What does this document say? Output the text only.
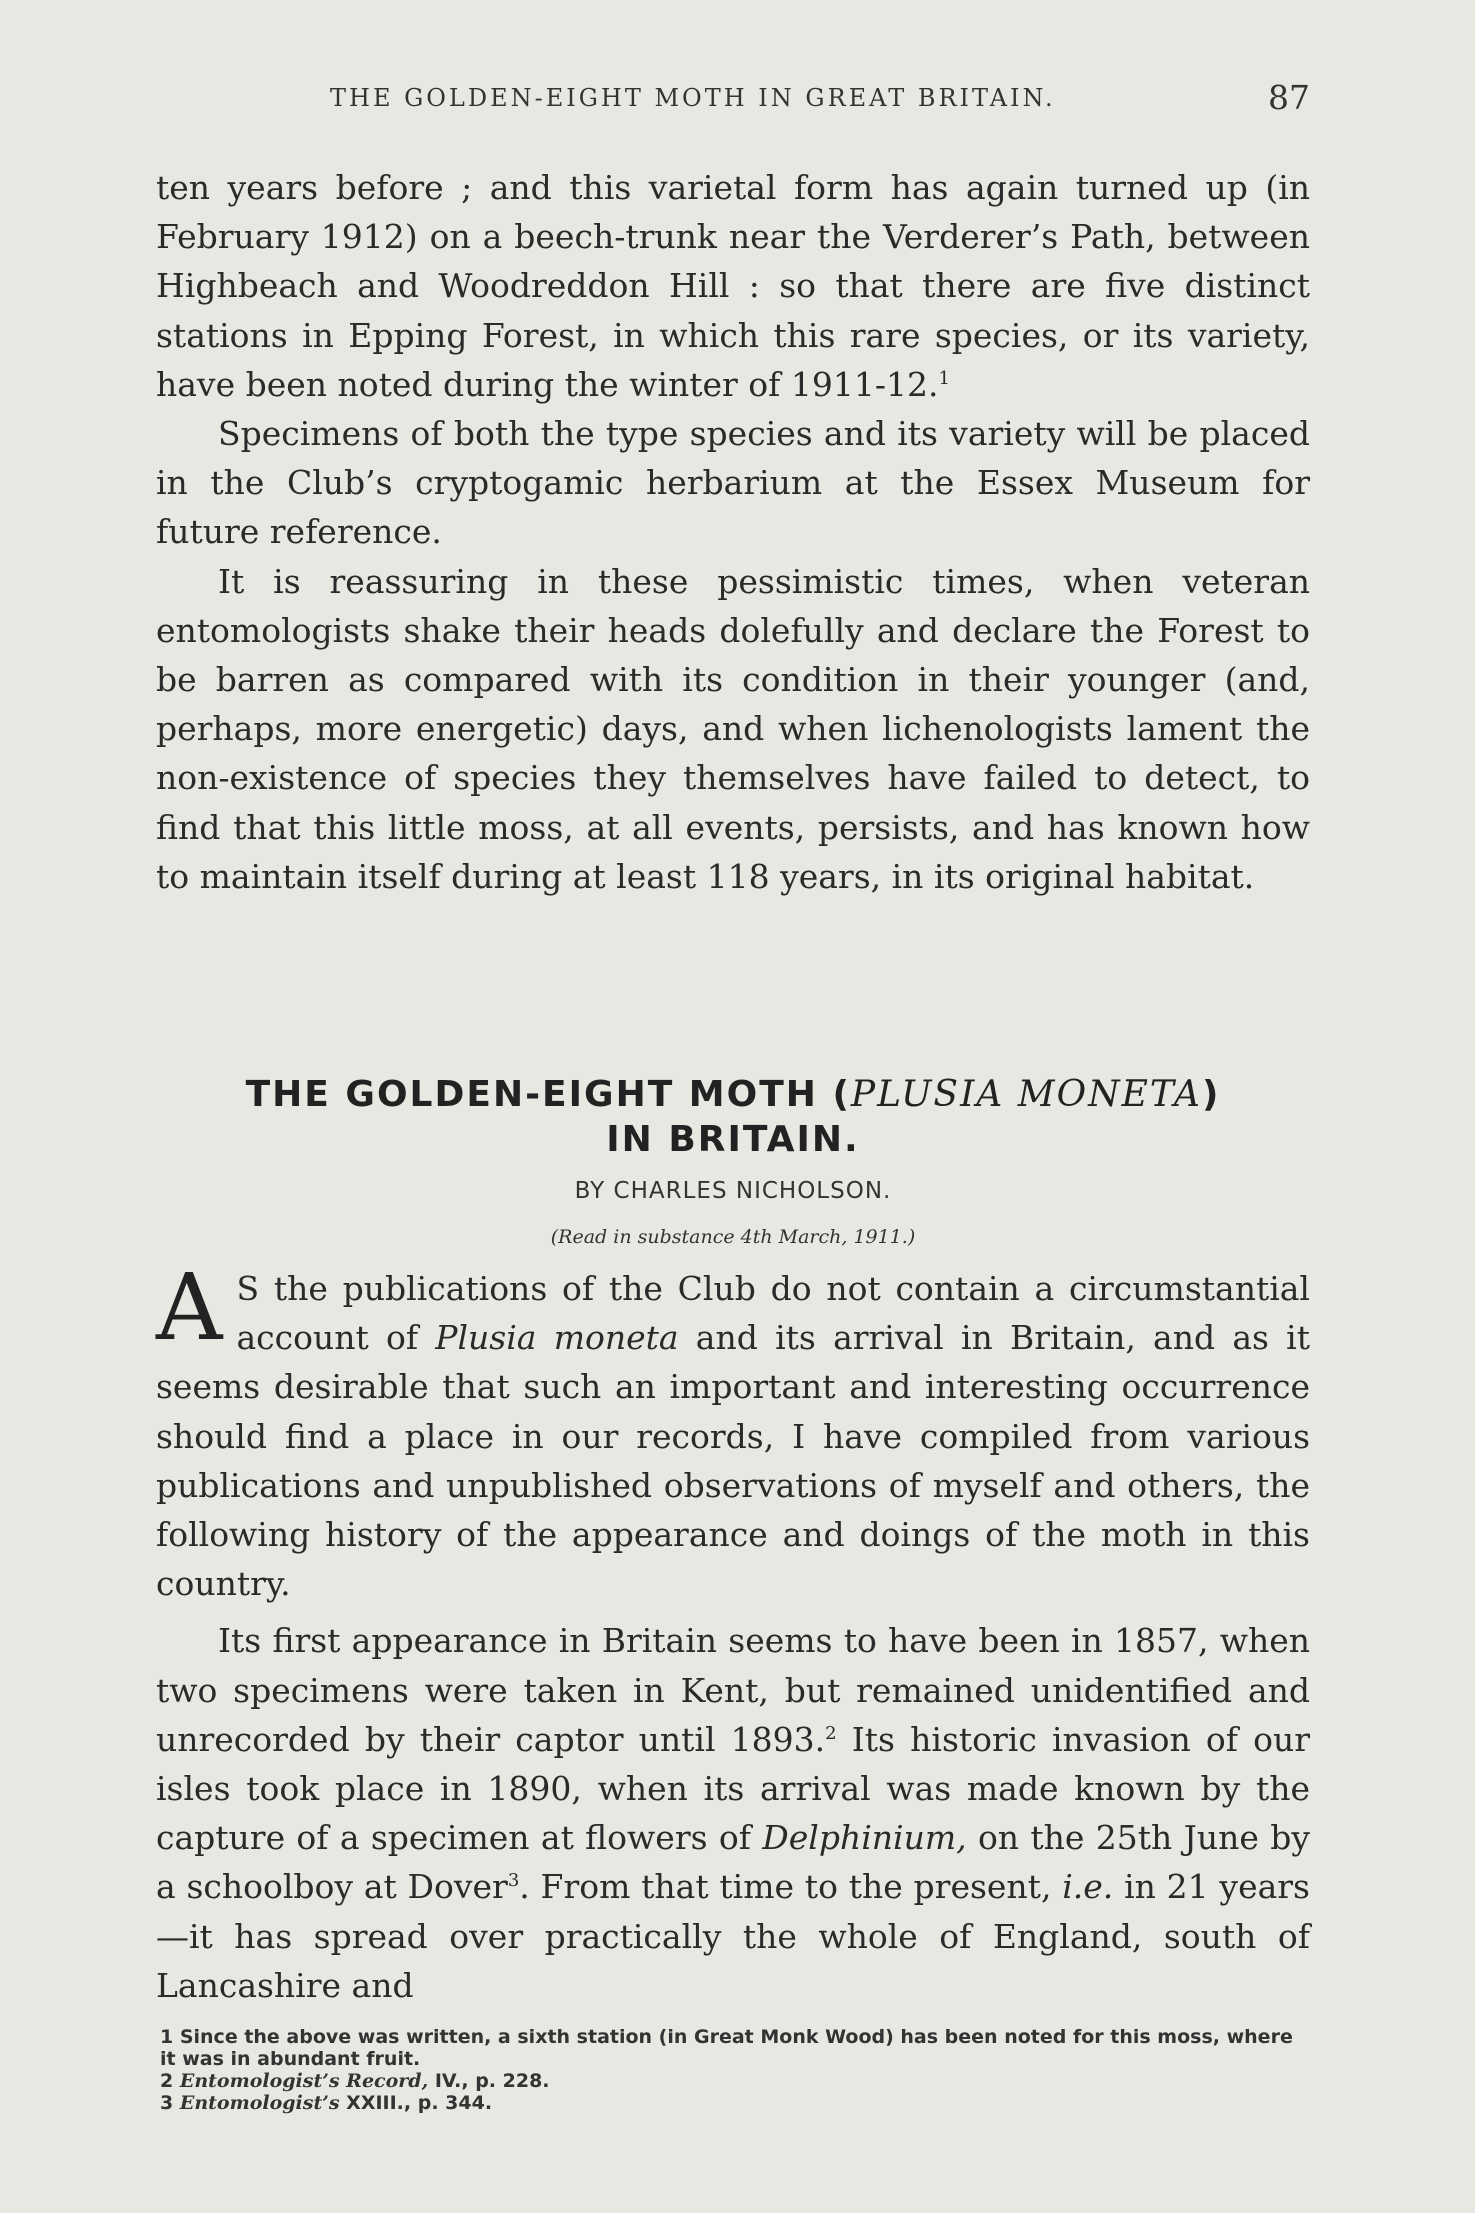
THE GOLDEN-EIGHT MOTH IN GREAT BRITAIN.	87

ten years before ; and this varietal form has again turned up (in February 1912) on a beech-trunk near the Verderer’s Path, between Highbeach and Woodreddon Hill : so that there are five distinct stations in Epping Forest, in which this rare species, or its variety, have been noted during the winter of 1911-12.$^1$

Specimens of both the type species and its variety will be placed in the Club’s cryptogamic herbarium at the Essex Museum for future reference.

It is reassuring in these pessimistic times, when veteran entomologists shake their heads dolefully and declare the Forest to be barren as compared with its condition in their younger (and, perhaps, more energetic) days, and when lichenologists lament the non-existence of species they themselves have failed to detect, to find that this little moss, at all events, persists, and has known how to maintain itself during at least 118 years, in its original habitat.

THE GOLDEN-EIGHT MOTH (PLUSIA MONETA)
IN BRITAIN.
BY CHARLES NICHOLSON.
(Read in substance 4th March, 1911.)

A S the publications of the Club do not contain a circumstantial account of Plusia moneta and its arrival in Britain, and as it seems desirable that such an important and interesting occurrence should find a place in our records, I have compiled from various publications and unpublished observations of myself and others, the following history of the appearance and doings of the moth in this country.

Its first appearance in Britain seems to have been in 1857, when two specimens were taken in Kent, but remained unidentified and unrecorded by their captor until 1893.$^2$ Its historic invasion of our isles took place in 1890, when its arrival was made known by the capture of a specimen at flowers of Delphinium, on the 25th June by a schoolboy at Dover$^3$. From that time to the present, i.e. in 21 years—it has spread over practically the whole of England, south of Lancashire and

1 Since the above was written, a sixth station (in Great Monk Wood) has been noted for this moss, where it was in abundant fruit.

2 Entomologist’s Record, IV., p. 228.

3 Entomologist’s XXIII., p. 344.
